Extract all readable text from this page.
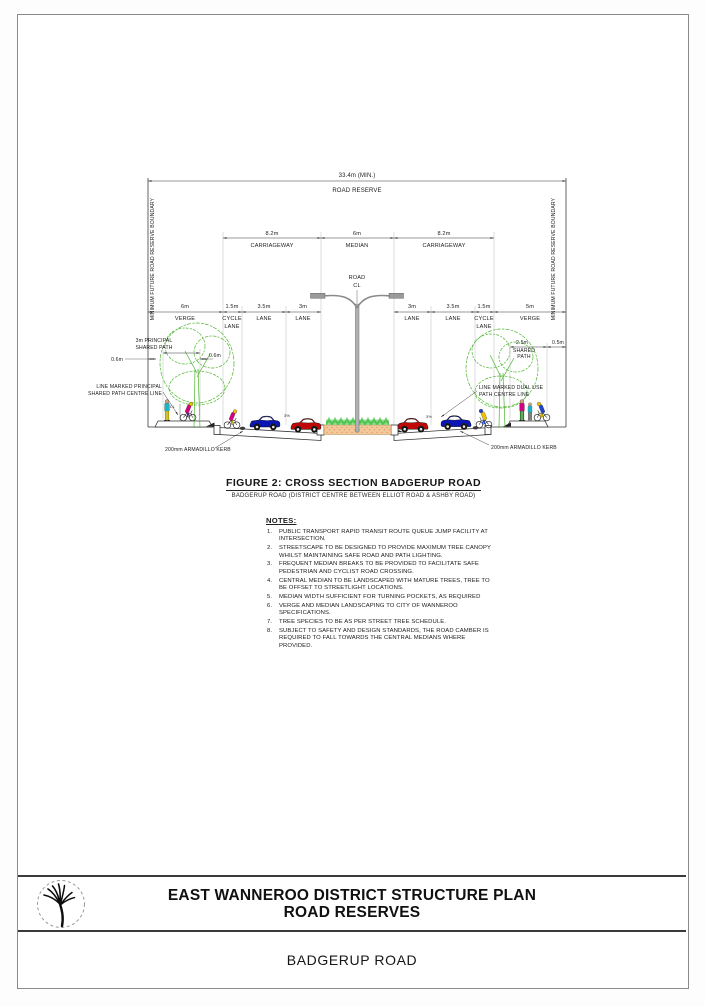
33.4m (MIN.)
ROAD RESERVE
MINIMUM FUTURE ROAD RESERVE BOUNDARY	MINIMUM FUTURE ROAD RESERVE BOUNDARY
8.2m
CARRIAGEWAY
6m
MEDIAN
8.2m
CARRIAGEWAY
ROAD
CL
6m
VERGE
1.5m
CYCLE
LANE
3.5m
LANE
3m
LANE
3m
LANE
3.5m
LANE
1.5m
CYCLE
LANE
5m
VERGE
3m PRINCIPAL
SHARED PATH
0.6m
0.6m
2.5m
SHARED
PATH
0.5m
LINE MARKED PRINCIPAL
SHARED PATH CENTRE LINE
CL
LINE MARKED DUAL USE
PATH CENTRE LINE
200mm ARMADILLO KERB	200mm ARMADILLO KERB
3%	3%
FIGURE 2: CROSS SECTION BADGERUP ROAD
BADGERUP ROAD (DISTRICT CENTRE BETWEEN ELLIOT ROAD & ASHBY ROAD)
NOTES:
PUBLIC TRANSPORT RAPID TRANSIT ROUTE QUEUE JUMP FACILITY AT INTERSECTION.
STREETSCAPE TO BE DESIGNED TO PROVIDE MAXIMUM TREE CANOPY WHILST MAINTAINING SAFE ROAD AND PATH LIGHTING.
FREQUENT MEDIAN BREAKS TO BE PROVIDED TO FACILITATE SAFE PEDESTRIAN AND CYCLIST ROAD CROSSING.
CENTRAL MEDIAN TO BE LANDSCAPED WITH MATURE TREES, TREE TO BE OFFSET TO STREETLIGHT LOCATIONS.
MEDIAN WIDTH SUFFICIENT FOR TURNING POCKETS, AS REQUIRED
VERGE AND MEDIAN LANDSCAPING TO CITY OF WANNEROO SPECIFICATIONS.
TREE SPECIES TO BE AS PER STREET TREE SCHEDULE.
SUBJECT TO SAFETY AND DESIGN STANDARDS, THE ROAD CAMBER IS REQUIRED TO FALL TOWARDS THE CENTRAL MEDIANS WHERE PROVIDED.
EAST WANNEROO DISTRICT STRUCTURE PLAN
ROAD RESERVES
BADGERUP ROAD
